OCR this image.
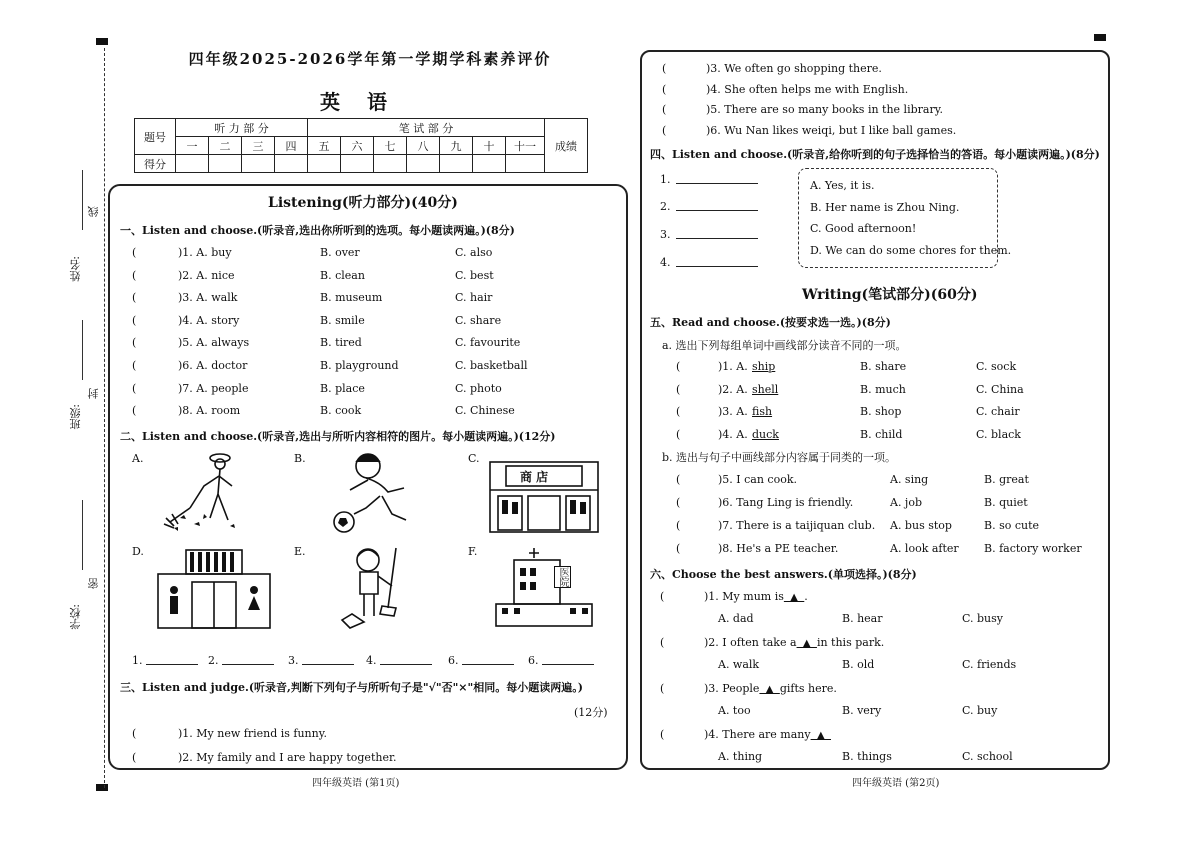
姓名:
班级:
学校:
线
封
密
四年级2025-2026学年第一学期学科素养评价
英 语
题号	听 力 部 分				笔 试 部 分							成绩
	一	二	三	四	五	六	七	八	九	十	十一	
得分												
Listening(听力部分)(40分)
一、Listen and choose.(听录音,选出你所听到的选项。每小题读两遍。)(8分)
(	)1. A. buy	B. over	C. also
(	)2. A. nice	B. clean	C. best
(	)3. A. walk	B. museum	C. hair
(	)4. A. story	B. smile	C. share
(	)5. A. always	B. tired	C. favourite
(	)6. A. doctor	B. playground	C. basketball
(	)7. A. people	B. place	C. photo
(	)8. A. room	B. cook	C. Chinese
二、Listen and choose.(听录音,选出与所听内容相符的图片。每小题读两遍。)(12分)
A.	B.	C.
D.	E.	F.
商 店
医院
1.	2.	3.	4.	6.	6.
三、Listen and judge.(听录音,判断下列句子与所听句子是"√"否"×"相同。每小题读两遍。)
(12分)
(	)1. My new friend is funny.
(	)2. My family and I are happy together.
四年级英语 (第1页)
(	)3. We often go shopping there.
(	)4. She often helps me with English.
(	)5. There are so many books in the library.
(	)6. Wu Nan likes weiqi, but I like ball games.
四、Listen and choose.(听录音,给你听到的句子选择恰当的答语。每小题读两遍。)(8分)
1.
2.
3.
4.
A. Yes, it is.
B. Her name is Zhou Ning.
C. Good afternoon!
D. We can do some chores for them.
Writing(笔试部分)(60分)
五、Read and choose.(按要求选一选。)(8分)
a. 选出下列每组单词中画线部分读音不同的一项。
(	)1. A. ship	B. share	C. sock
(	)2. A. shell	B. much	C. China
(	)3. A. fish	B. shop	C. chair
(	)4. A. duck	B. child	C. black
b. 选出与句子中画线部分内容属于同类的一项。
(	)5. I can cook.	A. sing	B. great
(	)6. Tang Ling is friendly.	A. job	B. quiet
(	)7. There is a taijiquan club. A. bus stop	B. so cute
(	)8. He's a PE teacher.	A. look after B. factory worker
六、Choose the best answers.(单项选择。)(8分)
(	)1. My mum is  ▲  .
A. dad	B. hear	C. busy
(	)2. I often take a  ▲  in this park.
A. walk	B. old	C. friends
(	)3. People  ▲  gifts here.
A. too	B. very	C. buy
(	)4. There are many  ▲
A. thing	B. things	C. school
四年级英语 (第2页)
